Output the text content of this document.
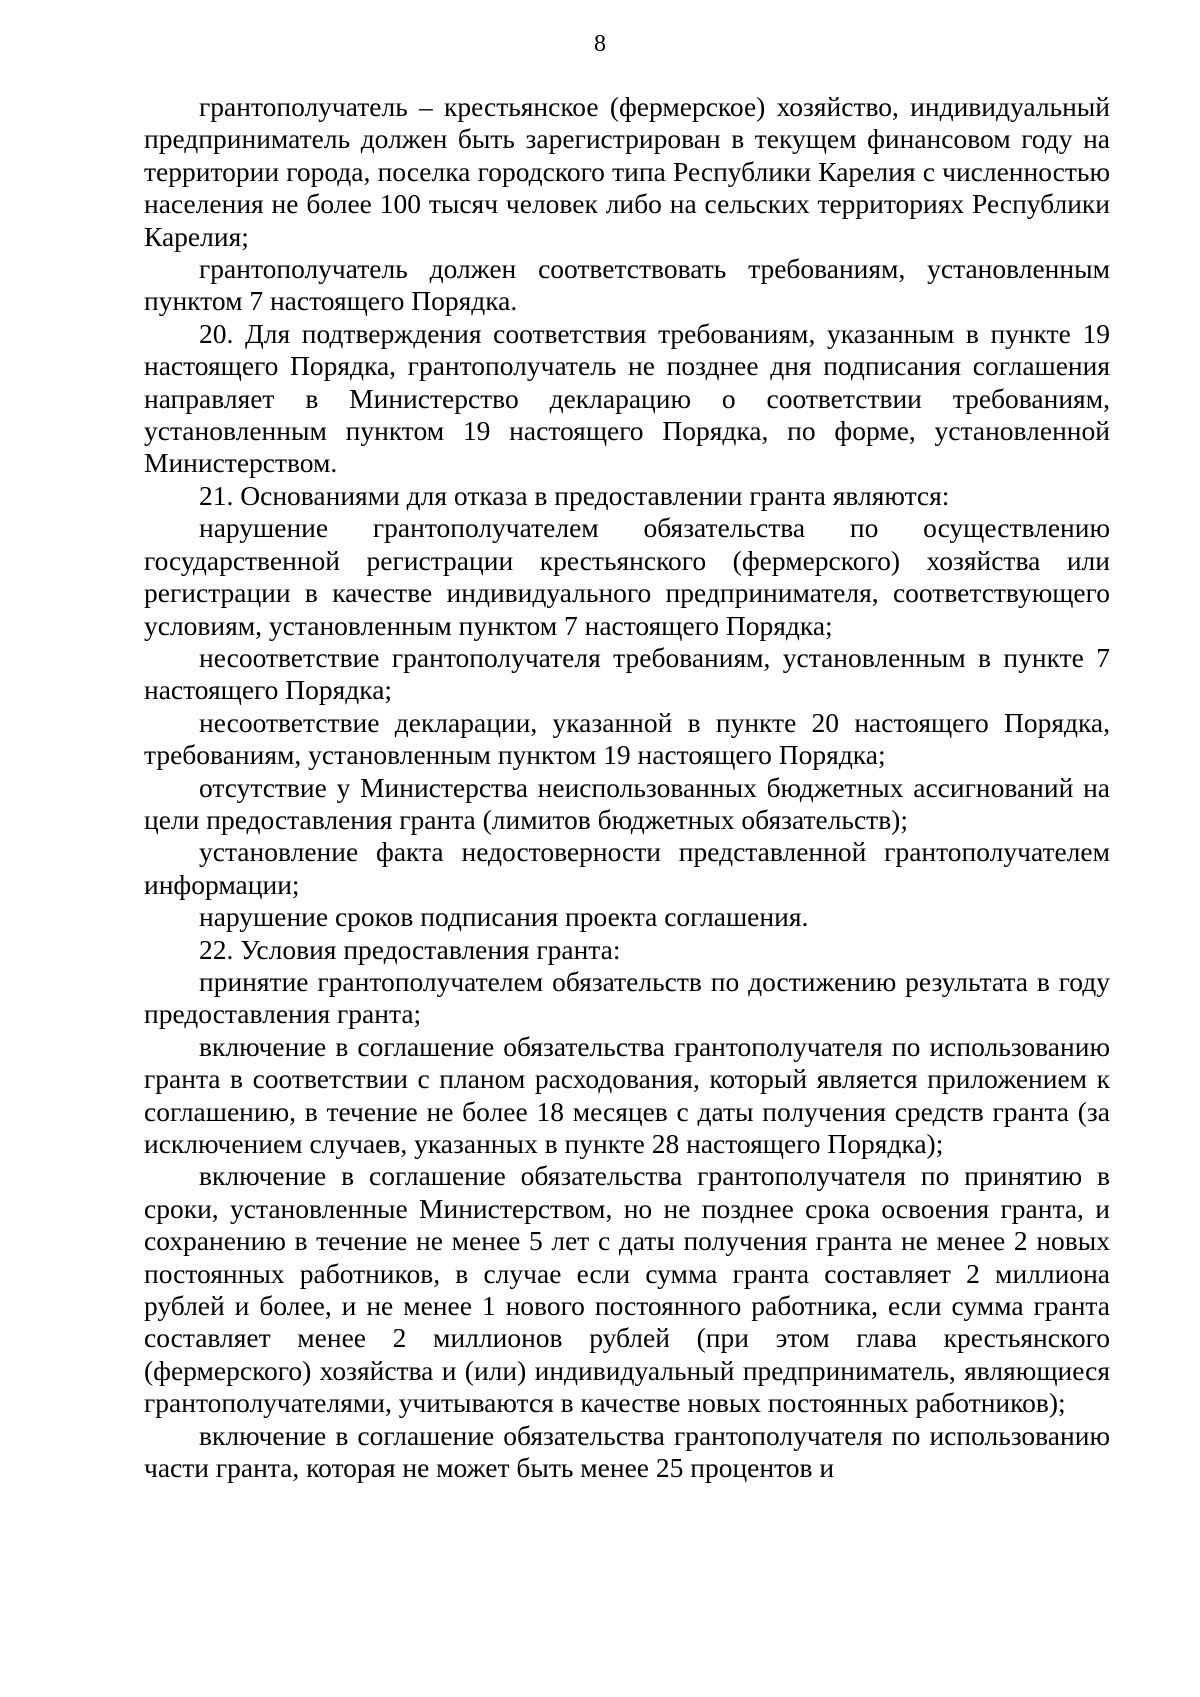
8

грантополучатель – крестьянское (фермерское) хозяйство, индивидуальный предприниматель должен быть зарегистрирован в текущем финансовом году на территории города, поселка городского типа Республики Карелия с численностью населения не более 100 тысяч человек либо на сельских территориях Республики Карелия;

грантополучатель должен соответствовать требованиям, установленным пунктом 7 настоящего Порядка.

20. Для подтверждения соответствия требованиям, указанным в пункте 19 настоящего Порядка, грантополучатель не позднее дня подписания соглашения направляет в Министерство декларацию о соответствии требованиям, установленным пунктом 19 настоящего Порядка, по форме, установленной Министерством.

21. Основаниями для отказа в предоставлении гранта являются:

нарушение грантополучателем обязательства по осуществлению государственной регистрации крестьянского (фермерского) хозяйства или регистрации в качестве индивидуального предпринимателя, соответствующего условиям, установленным пунктом 7 настоящего Порядка;

несоответствие грантополучателя требованиям, установленным в пункте 7 настоящего Порядка;

несоответствие декларации, указанной в пункте 20 настоящего Порядка, требованиям, установленным пунктом 19 настоящего Порядка;

отсутствие у Министерства неиспользованных бюджетных ассигнований на цели предоставления гранта (лимитов бюджетных обязательств);

установление факта недостоверности представленной грантополучателем информации;

нарушение сроков подписания проекта соглашения.

22. Условия предоставления гранта:

принятие грантополучателем обязательств по достижению результата в году предоставления гранта;

включение в соглашение обязательства грантополучателя по использованию гранта в соответствии с планом расходования, который является приложением к соглашению, в течение не более 18 месяцев с даты получения средств гранта (за исключением случаев, указанных в пункте 28 настоящего Порядка);

включение в соглашение обязательства грантополучателя по принятию в сроки, установленные Министерством, но не позднее срока освоения гранта, и сохранению в течение не менее 5 лет с даты получения гранта не менее 2 новых постоянных работников, в случае если сумма гранта составляет 2 миллиона рублей и более, и не менее 1 нового постоянного работника, если сумма гранта составляет менее 2 миллионов рублей (при этом глава крестьянского (фермерского) хозяйства и (или) индивидуальный предприниматель, являющиеся грантополучателями, учитываются в качестве новых постоянных работников);

включение в соглашение обязательства грантополучателя по использованию части гранта, которая не может быть менее 25 процентов и
